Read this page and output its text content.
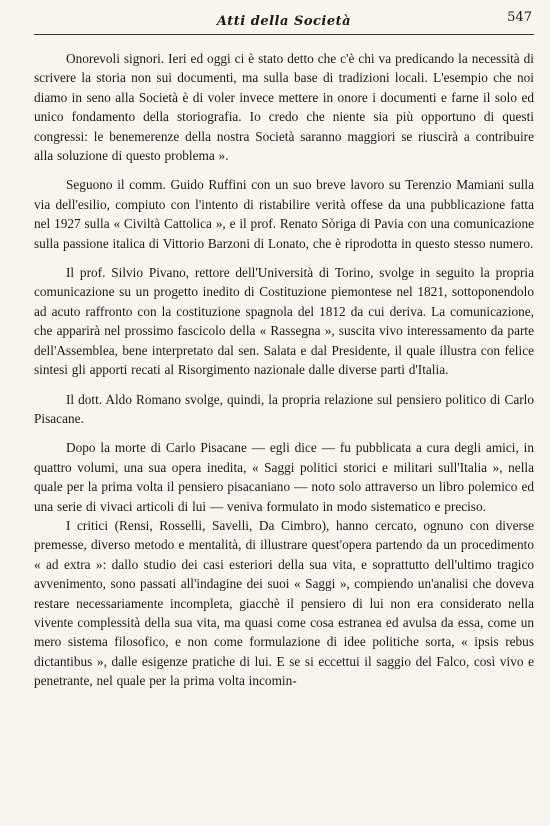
Atti della Società	547

Onorevoli signori. Ieri ed oggi ci è stato detto che c'è chi va predicando la necessità di scrivere la storia non sui documenti, ma sulla base di tradizioni locali. L'esempio che noi diamo in seno alla Società è di voler invece mettere in onore i documenti e farne il solo ed unico fondamento della storiografia. Io credo che niente sia più opportuno di questi congressi: le benemerenze della nostra Società saranno maggiori se riuscirà a contribuire alla soluzione di questo problema ».

Seguono il comm. Guido Ruffini con un suo breve lavoro su Terenzio Mamiani sulla via dell'esilio, compiuto con l'intento di ristabilire verità offese da una pubblicazione fatta nel 1927 sulla « Civiltà Cattolica », e il prof. Renato Sòriga di Pavia con una comunicazione sulla passione italica di Vittorio Barzoni di Lonato, che è riprodotta in questo stesso numero.

Il prof. Silvio Pivano, rettore dell'Università di Torino, svolge in seguito la propria comunicazione su un progetto inedito di Costituzione piemontese nel 1821, sottoponendolo ad acuto raffronto con la costituzione spagnola del 1812 da cui deriva. La comunicazione, che apparirà nel prossimo fascicolo della « Rassegna », suscita vivo interessamento da parte dell'Assemblea, bene interpretato dal sen. Salata e dal Presidente, il quale illustra con felice sintesi gli apporti recati al Risorgimento nazionale dalle diverse parti d'Italia.

Il dott. Aldo Romano svolge, quindi, la propria relazione sul pensiero politico di Carlo Pisacane.

Dopo la morte di Carlo Pisacane — egli dice — fu pubblicata a cura degli amici, in quattro volumi, una sua opera inedita, « Saggi politici storici e militari sull'Italia », nella quale per la prima volta il pensiero pisacaniano — noto solo attraverso un libro polemico ed una serie di vivaci articoli di lui — veniva formulato in modo sistematico e preciso.

I critici (Rensi, Rosselli, Savelli, Da Cimbro), hanno cercato, ognuno con diverse premesse, diverso metodo e mentalità, di illustrare quest'opera partendo da un procedimento « ad extra »: dallo studio dei casi esteriori della sua vita, e soprattutto dell'ultimo tragico avvenimento, sono passati all'indagine dei suoi « Saggi », compiendo un'analisi che doveva restare necessariamente incompleta, giacchè il pensiero di lui non era considerato nella vivente complessità della sua vita, ma quasi come cosa estranea ed avulsa da essa, come un mero sistema filosofico, e non come formulazione di idee politiche sorta, « ipsis rebus dictantibus », dalle esigenze pratiche di lui. E se si eccettui il saggio del Falco, così vivo e penetrante, nel quale per la prima volta incomin-
